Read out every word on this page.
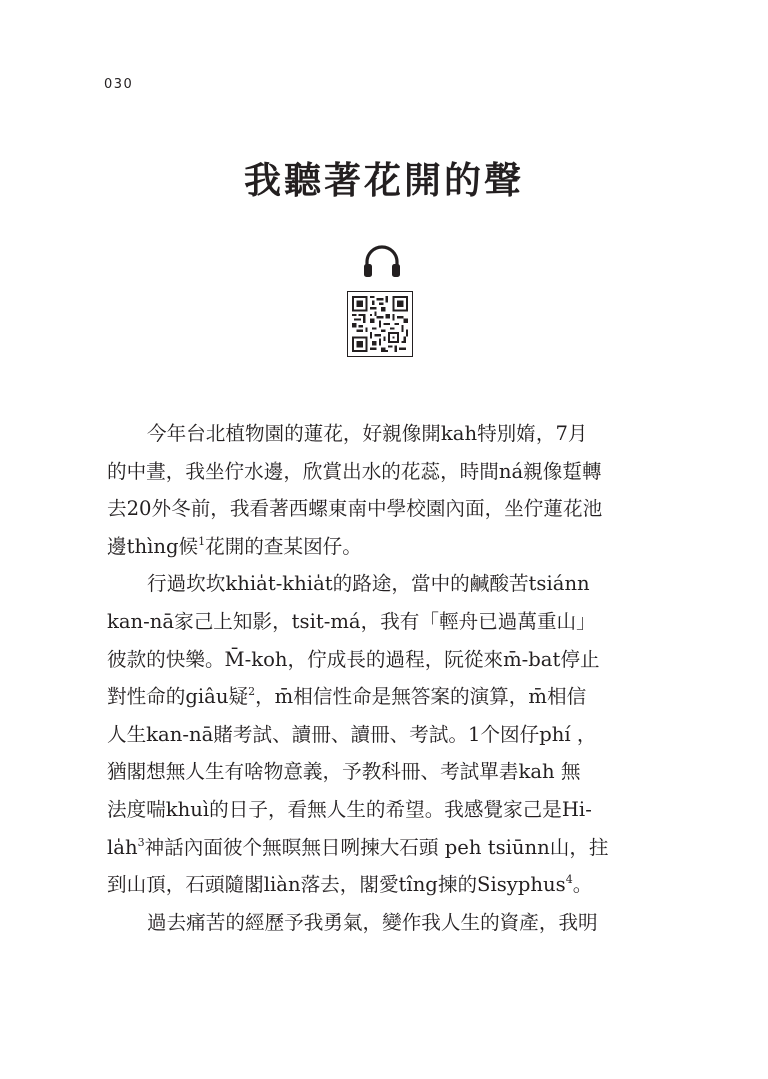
030
我聽著花開的聲
今年台北植物園的蓮花，好親像開kah特別媠，7月
的中晝，我坐佇水邊，欣賞出水的花蕊，時間ná親像踅轉
去20外冬前，我看著西螺東南中學校園內面，坐佇蓮花池
邊thìng候$^1$花開的查某囡仔。
行過坎坎khia̍t-khia̍t的路途，當中的鹹酸苦tsiánn
kan-nā家己上知影，tsit-má，我有「輕舟已過萬重山」
彼款的快樂。M̄-koh，佇成長的過程，阮從來m̄-bat停止
對性命的giâu疑$^2$，m̄相信性命是無答案的演算，m̄相信
人生kan-nā賭考試、讀冊、讀冊、考試。1个囡仔phí ，
猶閣想無人生有啥物意義，予教科冊、考試單砉kah 無
法度喘khuì的日子，看無人生的希望。我感覺家己是Hi-
$la̍h^3$神話內面彼个無暝無日咧揀大石頭 peh tsiūnn山，拄
到山頂，石頭隨閣liàn落去，閣愛tîng揀的Sisyphus$^4$。
過去痛苦的經歷予我勇氣，變作我人生的資產，我明
